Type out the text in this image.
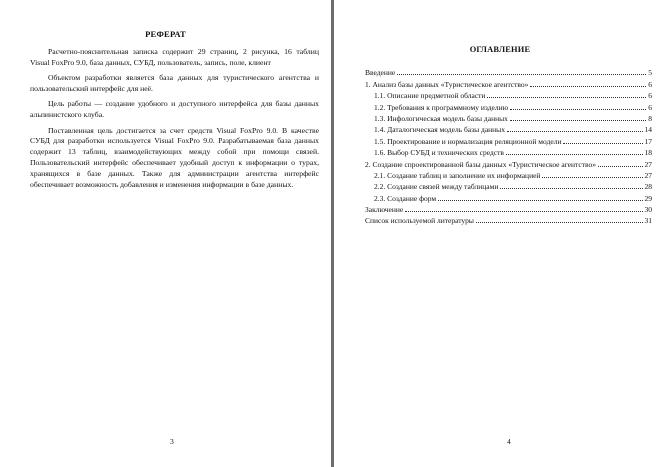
РЕФЕРАТ

Расчетно-пояснительная записка содержит 29 страниц, 2 рисунка, 16 таблиц Visual FoxPro 9.0, база данных, СУБД, пользователь, запись, поле, клиент

Объектом разработки является база данных для туристического агентства и пользовательский интерфейс для неё.

Цель работы — создание удобного и доступного интерфейса для базы данных альпинистского клуба.

Поставленная цель достигается за счет средств Visual FoxPro 9.0. В качестве СУБД для разработки используется Visual FoxPro 9.0. Разрабатываемая база данных содержит 13 таблиц, взаимодействующих между собой при помощи связей. Пользовательский интерфейс обеспечивает удобный доступ к информации о турах, хранящихся в базе данных. Также для администрации агентства интерфейс обеспечивает возможность добавления и изменения информации в базе данных.

3
ОГЛАВЛЕНИЕ
Введение	5
1. Анализ базы данных «Туристическое агентство»	6
1.1. Описание предметной области	6
1.2. Требования к программному изделию	6
1.3. Инфологическая модель базы данных	8
1.4. Даталогическая модель базы данных	14
1.5. Проектирование и нормализация реляционной модели	17
1.6. Выбор СУБД и технических средств	18
2. Создание спроектированной базы данных «Туристическое агентство»	27
2.1. Создание таблиц и заполнение их информацией	27
2.2. Создание связей между таблицами	28
2.3. Создание форм	29
Заключение	30
Список используемой литературы	31
4
